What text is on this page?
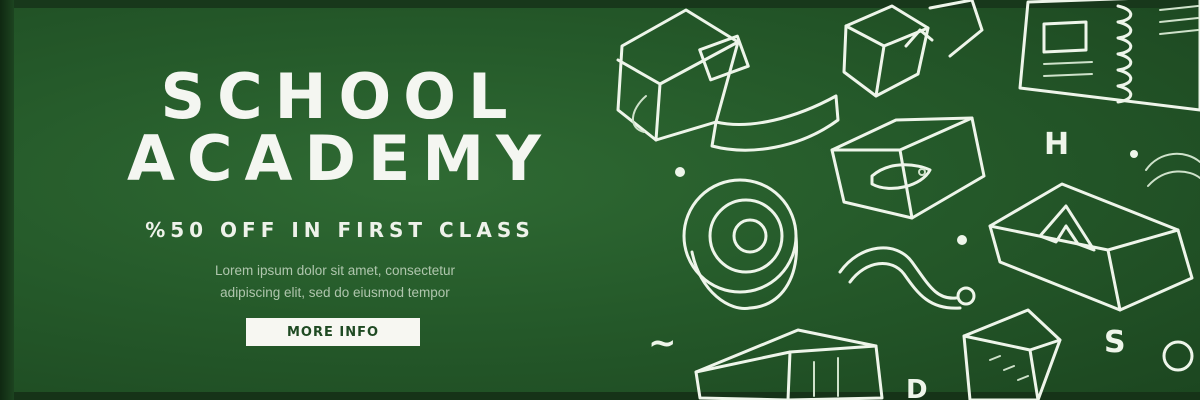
SCHOOL
ACADEMY

%50 OFF IN FIRST CLASS

Lorem ipsum dolor sit amet, consectetur
adipiscing elit, sed do eiusmod tempor

MORE INFO
H
S
D
~
